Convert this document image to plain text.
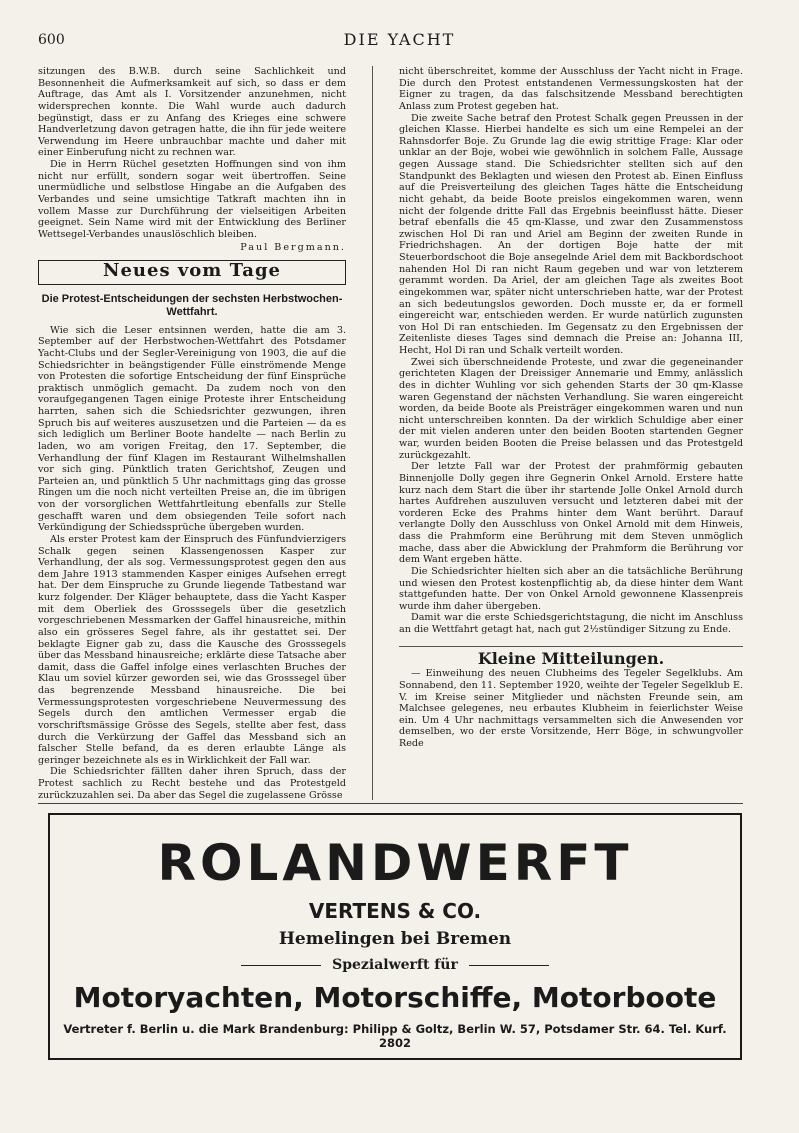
600	DIE YACHT

sitzungen des B.W.B. durch seine Sachlichkeit und Besonnenheit die Aufmerksamkeit auf sich, so dass er dem Auftrage, das Amt als I. Vorsitzender anzunehmen, nicht widersprechen konnte. Die Wahl wurde auch dadurch begünstigt, dass er zu Anfang des Krieges eine schwere Handverletzung davon getragen hatte, die ihn für jede weitere Verwendung im Heere unbrauchbar machte und daher mit einer Einberufung nicht zu rechnen war.

Die in Herrn Rüchel gesetzten Hoffnungen sind von ihm nicht nur erfüllt, sondern sogar weit übertroffen. Seine unermüdliche und selbstlose Hingabe an die Aufgaben des Verbandes und seine umsichtige Tatkraft machten ihn in vollem Masse zur Durchführung der vielseitigen Arbeiten geeignet. Sein Name wird mit der Entwicklung des Berliner Wettsegel-Verbandes unauslöschlich bleiben.

Paul Bergmann.
Neues vom Tage
Die Protest-Entscheidungen der sechsten Herbstwochen-Wettfahrt.

Wie sich die Leser entsinnen werden, hatte die am 3. September auf der Herbstwochen-Wettfahrt des Potsdamer Yacht-Clubs und der Segler-Vereinigung von 1903, die auf die Schiedsrichter in beängstigender Fülle einströmende Menge von Protesten die sofortige Entscheidung der fünf Einsprüche praktisch unmöglich gemacht. Da zudem noch von den voraufgegangenen Tagen einige Proteste ihrer Entscheidung harrten, sahen sich die Schiedsrichter gezwungen, ihren Spruch bis auf weiteres auszusetzen und die Parteien — da es sich lediglich um Berliner Boote handelte — nach Berlin zu laden, wo am vorigen Freitag, den 17. September, die Verhandlung der fünf Klagen im Restaurant Wilhelmshallen vor sich ging. Pünktlich traten Gerichtshof, Zeugen und Parteien an, und pünktlich 5 Uhr nachmittags ging das grosse Ringen um die noch nicht verteilten Preise an, die im übrigen von der vorsorglichen Wettfahrtleitung ebenfalls zur Stelle geschafft waren und dem obsiegenden Teile sofort nach Verkündigung der Schiedssprüche übergeben wurden.

Als erster Protest kam der Einspruch des Fünfundvierzigers Schalk gegen seinen Klassengenossen Kasper zur Verhandlung, der als sog. Vermessungsprotest gegen den aus dem Jahre 1913 stammenden Kasper einiges Aufsehen erregt hat. Der dem Einspruche zu Grunde liegende Tatbestand war kurz folgender. Der Kläger behauptete, dass die Yacht Kasper mit dem Oberliek des Grosssegels über die gesetzlich vorgeschriebenen Messmarken der Gaffel hinausreiche, mithin also ein grösseres Segel fahre, als ihr gestattet sei. Der beklagte Eigner gab zu, dass die Kausche des Grosssegels über das Messband hinausreiche; erklärte diese Tatsache aber damit, dass die Gaffel infolge eines verlaschten Bruches der Klau um soviel kürzer geworden sei, wie das Grosssegel über das begrenzende Messband hinausreiche. Die bei Vermessungsprotesten vorgeschriebene Neuvermessung des Segels durch den amtlichen Vermesser ergab die vorschriftsmässige Grösse des Segels, stellte aber fest, dass durch die Verkürzung der Gaffel das Messband sich an falscher Stelle befand, da es deren erlaubte Länge als geringer bezeichnete als es in Wirklichkeit der Fall war.

Die Schiedsrichter fällten daher ihren Spruch, dass der Protest sachlich zu Recht bestehe und das Protestgeld zurückzuzahlen sei. Da aber das Segel die zugelassene Grösse

nicht überschreitet, komme der Ausschluss der Yacht nicht in Frage. Die durch den Protest entstandenen Vermessungskosten hat der Eigner zu tragen, da das falschsitzende Messband berechtigten Anlass zum Protest gegeben hat.

Die zweite Sache betraf den Protest Schalk gegen Preussen in der gleichen Klasse. Hierbei handelte es sich um eine Rempelei an der Rahnsdorfer Boje. Zu Grunde lag die ewig strittige Frage: Klar oder unklar an der Boje, wobei wie gewöhnlich in solchem Falle, Aussage gegen Aussage stand. Die Schiedsrichter stellten sich auf den Standpunkt des Beklagten und wiesen den Protest ab. Einen Einfluss auf die Preisverteilung des gleichen Tages hätte die Entscheidung nicht gehabt, da beide Boote preislos eingekommen waren, wenn nicht der folgende dritte Fall das Ergebnis beeinflusst hätte. Dieser betraf ebenfalls die 45 qm-Klasse, und zwar den Zusammenstoss zwischen Hol Di ran und Ariel am Beginn der zweiten Runde in Friedrichshagen. An der dortigen Boje hatte der mit Steuerbordschoot die Boje ansegelnde Ariel dem mit Backbordschoot nahenden Hol Di ran nicht Raum gegeben und war von letzterem gerammt worden. Da Ariel, der am gleichen Tage als zweites Boot eingekommen war, später nicht unterschrieben hatte, war der Protest an sich bedeutungslos geworden. Doch musste er, da er formell eingereicht war, entschieden werden. Er wurde natürlich zugunsten von Hol Di ran entschieden. Im Gegensatz zu den Ergebnissen der Zeitenliste dieses Tages sind demnach die Preise an: Johanna III, Hecht, Hol Di ran und Schalk verteilt worden.

Zwei sich überschneidende Proteste, und zwar die gegeneinander gerichteten Klagen der Dreissiger Annemarie und Emmy, anlässlich des in dichter Wuhling vor sich gehenden Starts der 30 qm-Klasse waren Gegenstand der nächsten Verhandlung. Sie waren eingereicht worden, da beide Boote als Preisträger eingekommen waren und nun nicht unterschreiben konnten. Da der wirklich Schuldige aber einer der mit vielen anderen unter den beiden Booten startenden Gegner war, wurden beiden Booten die Preise belassen und das Protestgeld zurückgezahlt.

Der letzte Fall war der Protest der prahmförmig gebauten Binnenjolle Dolly gegen ihre Gegnerin Onkel Arnold. Erstere hatte kurz nach dem Start die über ihr startende Jolle Onkel Arnold durch hartes Aufdrehen auszuluven versucht und letzteren dabei mit der vorderen Ecke des Prahms hinter dem Want berührt. Darauf verlangte Dolly den Ausschluss von Onkel Arnold mit dem Hinweis, dass die Prahmform eine Berührung mit dem Steven unmöglich mache, dass aber die Abwicklung der Prahmform die Berührung vor dem Want ergeben hätte.

Die Schiedsrichter hielten sich aber an die tatsächliche Berührung und wiesen den Protest kostenpflichtig ab, da diese hinter dem Want stattgefunden hatte. Der von Onkel Arnold gewonnene Klassenpreis wurde ihm daher übergeben.

Damit war die erste Schiedsgerichtstagung, die nicht im Anschluss an die Wettfahrt getagt hat, nach gut 2½stündiger Sitzung zu Ende.

Kleine Mitteilungen.

— Einweihung des neuen Clubheims des Tegeler Segelklubs. Am Sonnabend, den 11. September 1920, weihte der Tegeler Segelklub E. V. im Kreise seiner Mitglieder und nächsten Freunde sein, am Malchsee gelegenes, neu erbautes Klubheim in feierlichster Weise ein. Um 4 Uhr nachmittags versammelten sich die Anwesenden vor demselben, wo der erste Vorsitzende, Herr Böge, in schwungvoller Rede

ROLANDWERFT
VERTENS & CO.
Hemelingen bei Bremen
Spezialwerft für
Motoryachten, Motorschiffe, Motorboote
Vertreter f. Berlin u. die Mark Brandenburg: Philipp & Goltz, Berlin W. 57, Potsdamer Str. 64. Tel. Kurf. 2802
